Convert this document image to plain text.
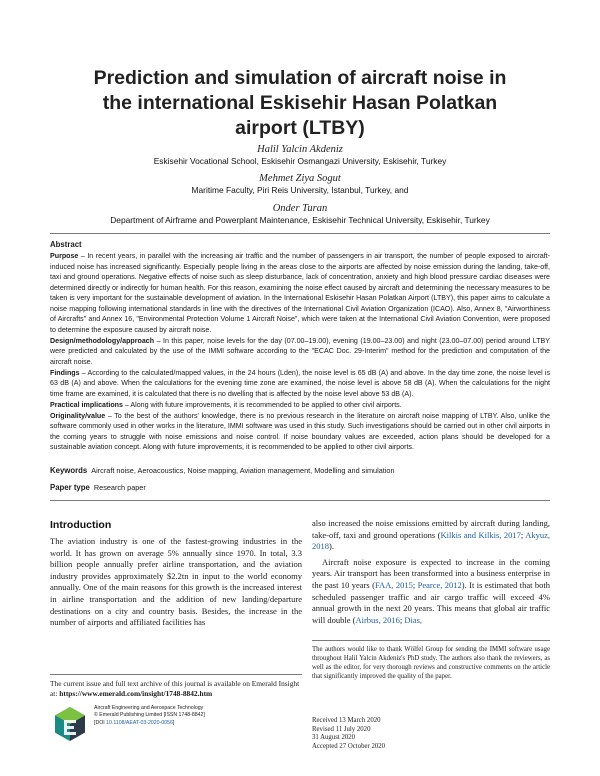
Prediction and simulation of aircraft noise in
the international Eskisehir Hasan Polatkan
airport (LTBY)
Halil Yalcin Akdeniz
Eskisehir Vocational School, Eskisehir Osmangazi University, Eskisehir, Turkey
Mehmet Ziya Sogut
Maritime Faculty, Piri Reis University, Istanbul, Turkey, and
Onder Turan
Department of Airframe and Powerplant Maintenance, Eskisehir Technical University, Eskisehir, Turkey
Abstract

Purpose – In recent years, in parallel with the increasing air traffic and the number of passengers in air transport, the number of people exposed to aircraft-induced noise has increased significantly. Especially people living in the areas close to the airports are affected by noise emission during the landing, take-off, taxi and ground operations. Negative effects of noise such as sleep disturbance, lack of concentration, anxiety and high blood pressure cardiac diseases were determined directly or indirectly for human health. For this reason, examining the noise effect caused by aircraft and determining the necessary measures to be taken is very important for the sustainable development of aviation. In the International Eskisehir Hasan Polatkan Airport (LTBY), this paper aims to calculate a noise mapping following international standards in line with the directives of the International Civil Aviation Organization (ICAO). Also, Annex 8, "Airworthiness of Aircrafts" and Annex 16, "Environmental Protection Volume 1 Aircraft Noise", which were taken at the International Civil Aviation Convention, were proposed to determine the exposure caused by aircraft noise.

Design/methodology/approach – In this paper, noise levels for the day (07.00–19.00), evening (19.00–23.00) and night (23.00–07.00) period around LTBY were predicted and calculated by the use of the IMMI software according to the "ECAC Doc. 29-Interim" method for the prediction and computation of the aircraft noise.

Findings – According to the calculated/mapped values, in the 24 hours (Lden), the noise level is 65 dB (A) and above. In the day time zone, the noise level is 63 dB (A) and above. When the calculations for the evening time zone are examined, the noise level is above 58 dB (A). When the calculations for the night time frame are examined, it is calculated that there is no dwelling that is affected by the noise level above 53 dB (A).

Practical implications – Along with future improvements, it is recommended to be applied to other civil airports.

Originality/value – To the best of the authors' knowledge, there is no previous research in the literature on aircraft noise mapping of LTBY. Also, unlike the software commonly used in other works in the literature, IMMI software was used in this study. Such investigations should be carried out in other civil airports in the coming years to struggle with noise emissions and noise control. If noise boundary values are exceeded, action plans should be developed for a sustainable aviation concept. Along with future improvements, it is recommended to be applied to other civil airports.

Keywords Aircraft noise, Aeroacoustics, Noise mapping, Aviation management, Modelling and simulation
Paper type Research paper
Introduction

The aviation industry is one of the fastest-growing industries in the world. It has grown on average 5% annually since 1970. In total, 3.3 billion people annually prefer airline transportation, and the aviation industry provides approximately $2.2tn in input to the world economy annually. One of the main reasons for this growth is the increased interest in airline transportation and the addition of new landing/departure destinations on a city and country basis. Besides, the increase in the number of airports and affiliated facilities has

also increased the noise emissions emitted by aircraft during landing, take-off, taxi and ground operations (Kilkis and Kilkis, 2017; Akyuz, 2018).

Aircraft noise exposure is expected to increase in the coming years. Air transport has been transformed into a business enterprise in the past 10 years (FAA, 2015; Pearce, 2012). It is estimated that both scheduled passenger traffic and air cargo traffic will exceed 4% annual growth in the next 20 years. This means that global air traffic will double (Airbus, 2016; Dias,

The current issue and full text archive of this journal is available on Emerald Insight at: https://www.emerald.com/insight/1748-8842.htm
Aircraft Engineering and Aerospace Technology
© Emerald Publishing Limited [ISSN 1748-8842]
[DOI 10.1108/AEAT-03-2020-0056]
The authors would like to thank Wölfel Group for sending the IMMI software usage throughout Halil Yalcin Akdeniz's PhD study. The authors also thank the reviewers, as well as the editor, for very thorough reviews and constructive comments on the article that significantly improved the quality of the paper.
Received 13 March 2020
Revised 11 July 2020
31 August 2020
Accepted 27 October 2020
